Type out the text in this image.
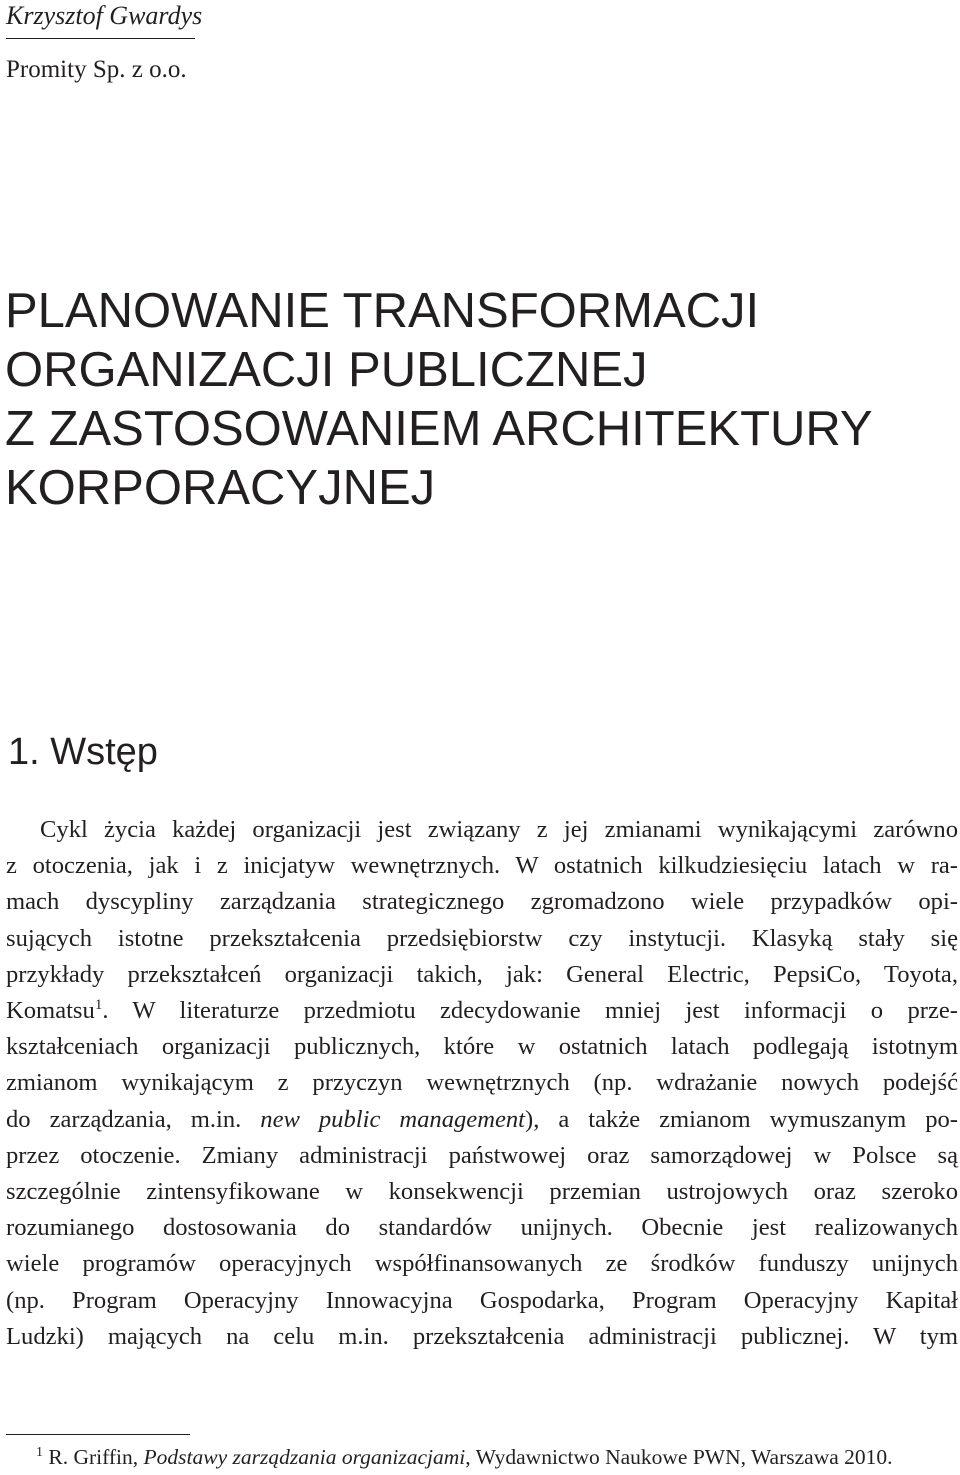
Krzysztof Gwardys
Promity Sp. z o.o.
PLANOWANIE TRANSFORMACJI
ORGANIZACJI PUBLICZNEJ
Z ZASTOSOWANIEM ARCHITEKTURY
KORPORACYJNEJ
1. Wstęp
Cykl życia każdej organizacji jest związany z jej zmianami wynikającymi zarówno
z otoczenia, jak i z inicjatyw wewnętrznych. W ostatnich kilkudziesięciu latach w ra-
mach dyscypliny zarządzania strategicznego zgromadzono wiele przypadków opi-
sujących istotne przekształcenia przedsiębiorstw czy instytucji. Klasyką stały się
przykłady przekształceń organizacji takich, jak: General Electric, PepsiCo, Toyota,
Komatsu$^1$. W literaturze przedmiotu zdecydowanie mniej jest informacji o prze-
kształceniach organizacji publicznych, które w ostatnich latach podlegają istotnym
zmianom wynikającym z przyczyn wewnętrznych (np. wdrażanie nowych podejść
do zarządzania, m.in. new public management), a także zmianom wymuszanym po-
przez otoczenie. Zmiany administracji państwowej oraz samorządowej w Polsce są
szczególnie zintensyfikowane w konsekwencji przemian ustrojowych oraz szeroko
rozumianego dostosowania do standardów unijnych. Obecnie jest realizowanych
wiele programów operacyjnych współfinansowanych ze środków funduszy unijnych
(np. Program Operacyjny Innowacyjna Gospodarka, Program Operacyjny Kapitał
Ludzki) mających na celu m.in. przekształcenia administracji publicznej. W tym
$^1$ R. Griffin, Podstawy zarządzania organizacjami, Wydawnictwo Naukowe PWN, Warszawa 2010.
